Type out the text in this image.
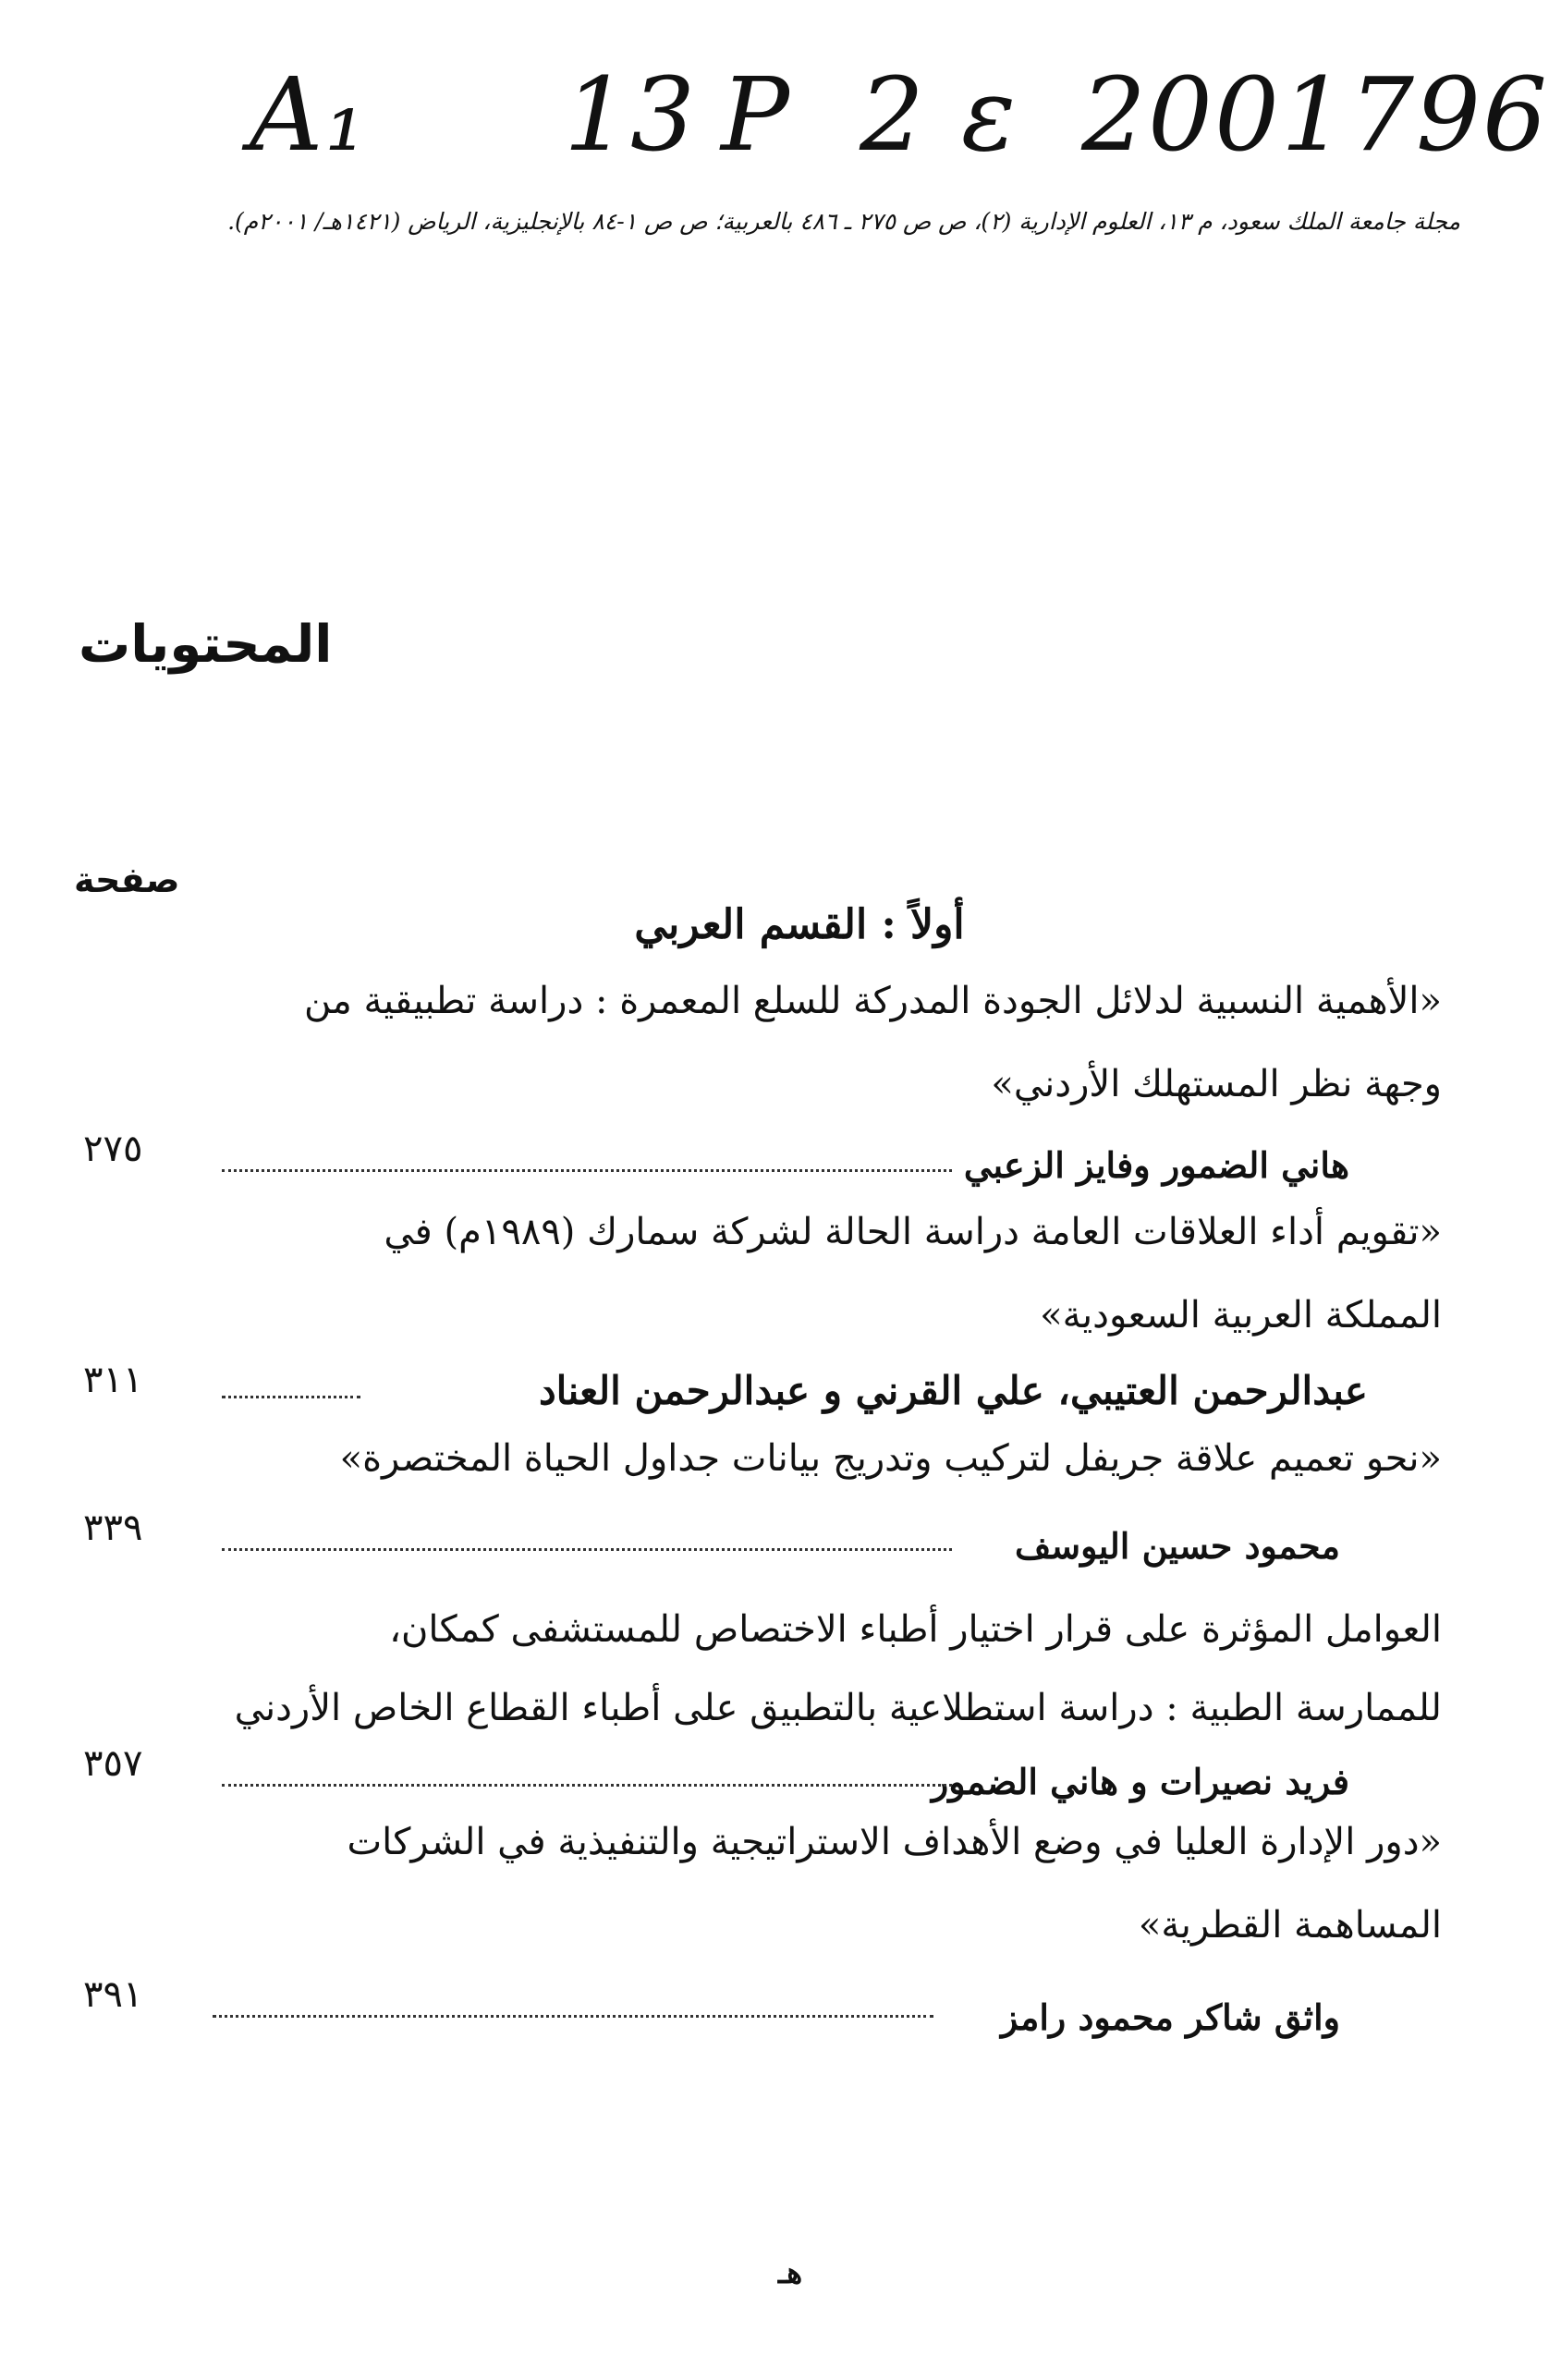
A₁ 13 P 2 ε 2001 796
مجلة جامعة الملك سعود، م ١٣، العلوم الإدارية (٢)، ص ص ٢٧٥ ـ ٤٨٦ بالعربية؛ ص ص ١-٨٤ بالإنجليزية، الرياض (١٤٢١هـ/ ٢٠٠١م).
المحتويات
صفحة
أولاً : القسم العربي
«الأهمية النسبية لدلائل الجودة المدركة للسلع المعمرة : دراسة تطبيقية من
وجهة نظر المستهلك الأردني»
هاني الضمور وفايز الزعبي
٢٧٥
«تقويم أداء العلاقات العامة دراسة الحالة لشركة سمارك (١٩٨٩م) في
المملكة العربية السعودية»
عبدالرحمن العتيبي، علي القرني و عبدالرحمن العناد
٣١١
«نحو تعميم علاقة جريفل لتركيب وتدريج بيانات جداول الحياة المختصرة»
محمود حسين اليوسف
٣٣٩
العوامل المؤثرة على قرار اختيار أطباء الاختصاص للمستشفى كمكان،
للممارسة الطبية : دراسة استطلاعية بالتطبيق على أطباء القطاع الخاص الأردني
فريد نصيرات و هاني الضمور
٣٥٧
«دور الإدارة العليا في وضع الأهداف الاستراتيجية والتنفيذية في الشركات
المساهمة القطرية»
واثق شاكر محمود رامز
٣٩١
هـ
